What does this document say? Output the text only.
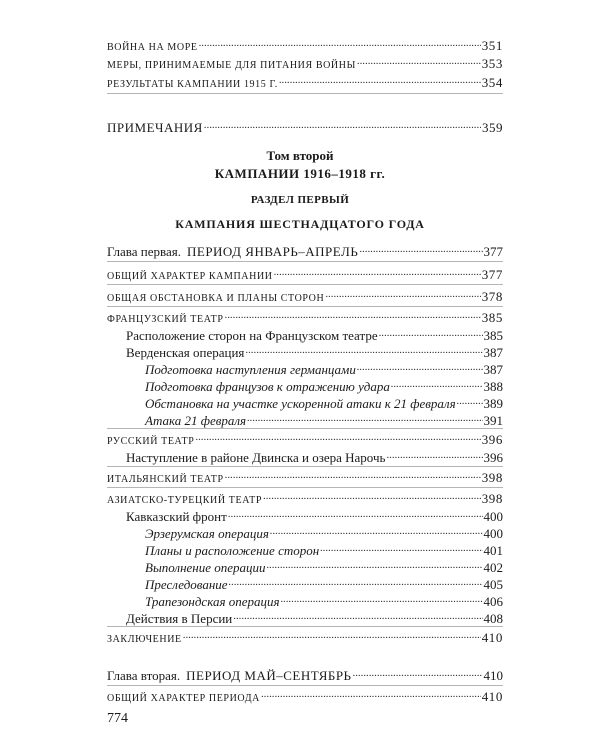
ВОЙНА НА МОРЕ . . .	351
МЕРЫ, ПРИНИМАЕМЫЕ ДЛЯ ПИТАНИЯ ВОЙНЫ . . .	353
РЕЗУЛЬТАТЫ КАМПАНИИ 1915 Г. . . .	354
ПРИМЕЧАНИЯ . . .	359
Том второй
КАМПАНИИ 1916–1918 гг.
РАЗДЕЛ ПЕРВЫЙ
КАМПАНИЯ ШЕСТНАДЦАТОГО ГОДА
Глава первая. ПЕРИОД ЯНВАРЬ–АПРЕЛЬ . . .	377
ОБЩИЙ ХАРАКТЕР КАМПАНИИ . . .	377
ОБЩАЯ ОБСТАНОВКА И ПЛАНЫ СТОРОН . . .	378
ФРАНЦУЗСКИЙ ТЕАТР . . .	385
Расположение сторон на Французском театре . . .	385
Верденская операция . . .	387
Подготовка наступления германцами . . .	387
Подготовка французов к отражению удара . . .	388
Обстановка на участке ускоренной атаки к 21 февраля . . . 389
Атака 21 февраля . . .	391
РУССКИЙ ТЕАТР . . .	396
Наступление в районе Двинска и озера Нарочь . . .	396
ИТАЛЬЯНСКИЙ ТЕАТР . . .	398
АЗИАТСКО-ТУРЕЦКИЙ ТЕАТР . . .	398
Кавказский фронт . . .	400
Эрзерумская операция . . .	400
Планы и расположение сторон . . .	401
Выполнение операции . . .	402
Преследование . . .	405
Трапезондская операция . . .	406
Действия в Персии . . .	408
ЗАКЛЮЧЕНИЕ . . .	410
Глава вторая. ПЕРИОД МАЙ–СЕНТЯБРЬ . . .	410
ОБЩИЙ ХАРАКТЕР ПЕРИОДА . . .	410
774
